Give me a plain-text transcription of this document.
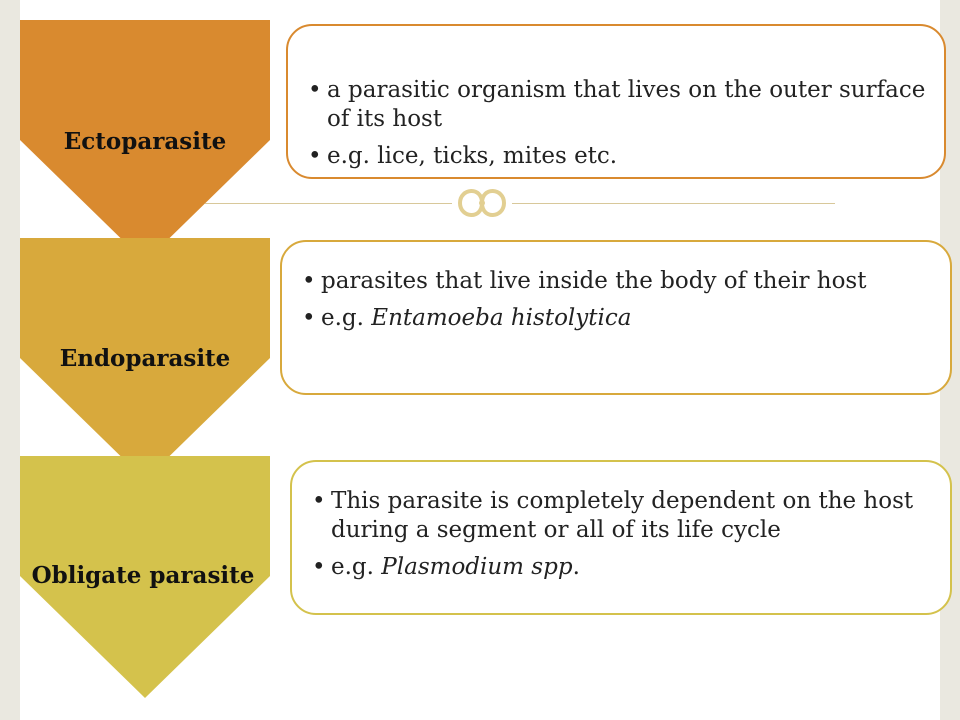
Ectoparasite
Endoparasite
Obligate parasite
• a parasitic organism that lives on the outer surface of its host
• e.g. lice, ticks, mites etc.
• parasites that live inside the body of their host
• e.g. Entamoeba histolytica
• This parasite is completely dependent on the host during a segment or all of its life cycle
• e.g. Plasmodium spp.
